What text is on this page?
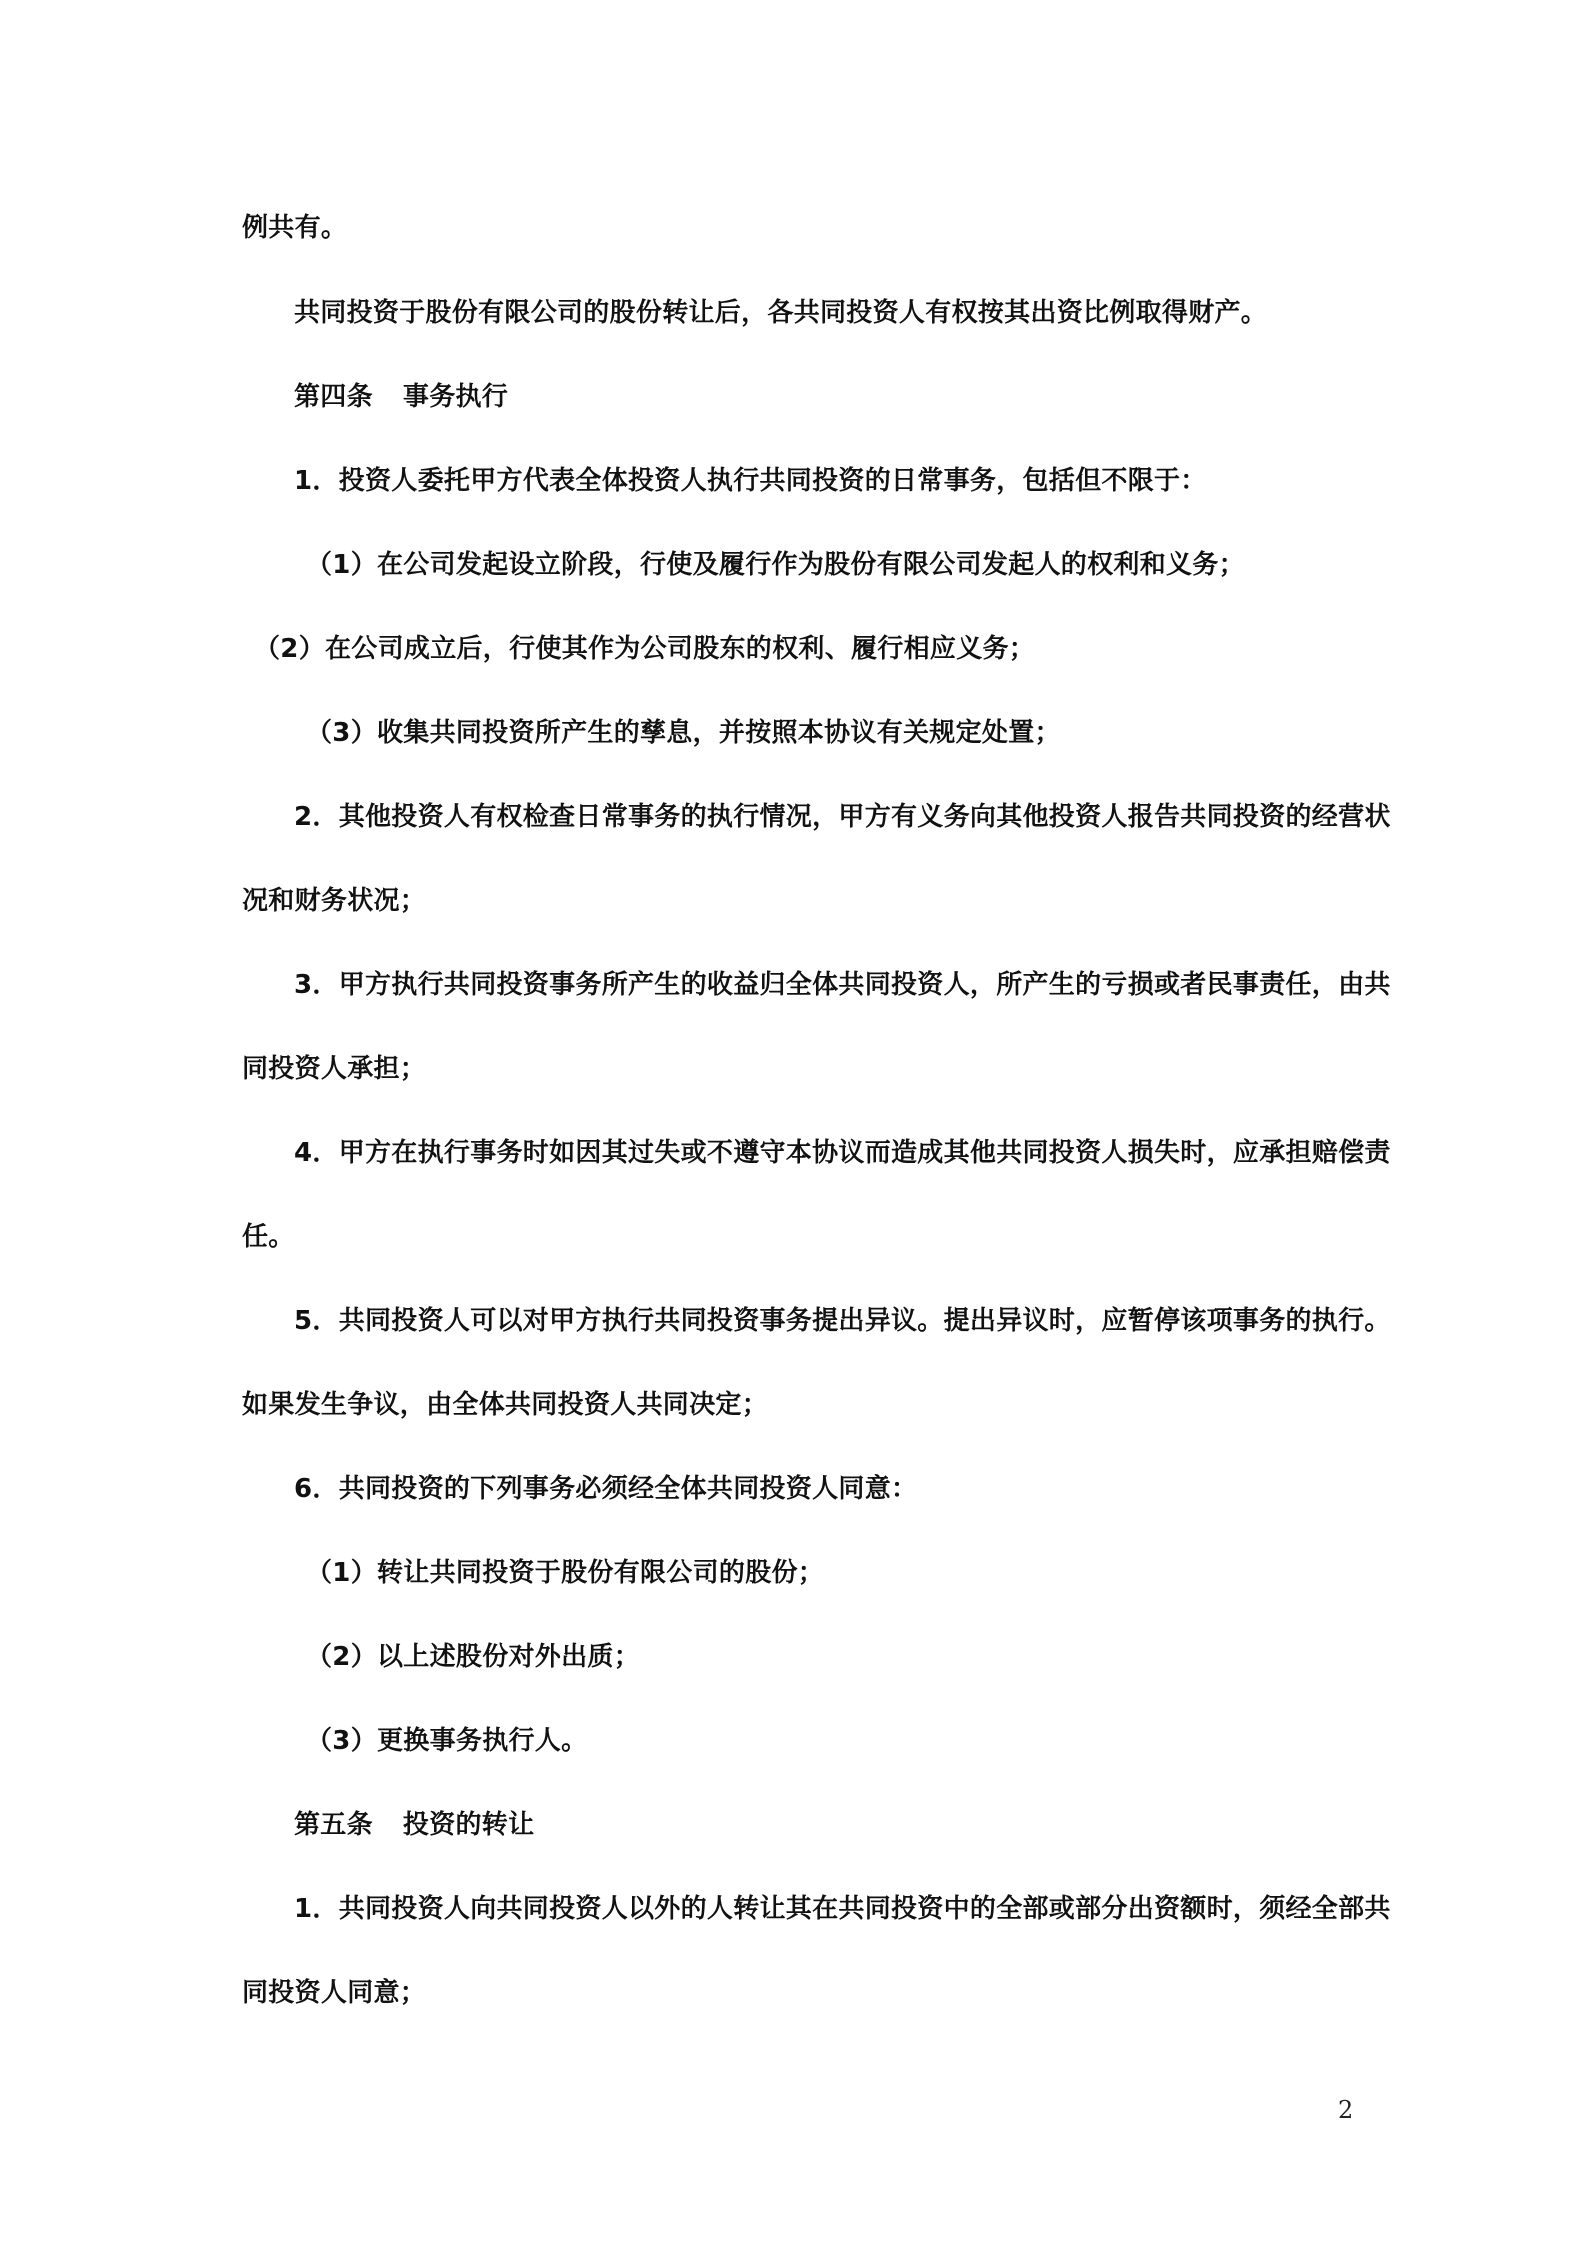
例共有。
共同投资于股份有限公司的股份转让后，各共同投资人有权按其出资比例取得财产。
第四条 事务执行
1．投资人委托甲方代表全体投资人执行共同投资的日常事务，包括但不限于：
（1）在公司发起设立阶段，行使及履行作为股份有限公司发起人的权利和义务；
（2）在公司成立后，行使其作为公司股东的权利、履行相应义务；
（3）收集共同投资所产生的孳息，并按照本协议有关规定处置；
2．其他投资人有权检查日常事务的执行情况，甲方有义务向其他投资人报告共同投资的经营状
况和财务状况；
3．甲方执行共同投资事务所产生的收益归全体共同投资人，所产生的亏损或者民事责任，由共
同投资人承担；
4．甲方在执行事务时如因其过失或不遵守本协议而造成其他共同投资人损失时，应承担赔偿责
任。
5．共同投资人可以对甲方执行共同投资事务提出异议。提出异议时，应暂停该项事务的执行。
如果发生争议，由全体共同投资人共同决定；
6．共同投资的下列事务必须经全体共同投资人同意：
（1）转让共同投资于股份有限公司的股份；
（2）以上述股份对外出质；
（3）更换事务执行人。
第五条 投资的转让
1．共同投资人向共同投资人以外的人转让其在共同投资中的全部或部分出资额时，须经全部共
同投资人同意；
2
